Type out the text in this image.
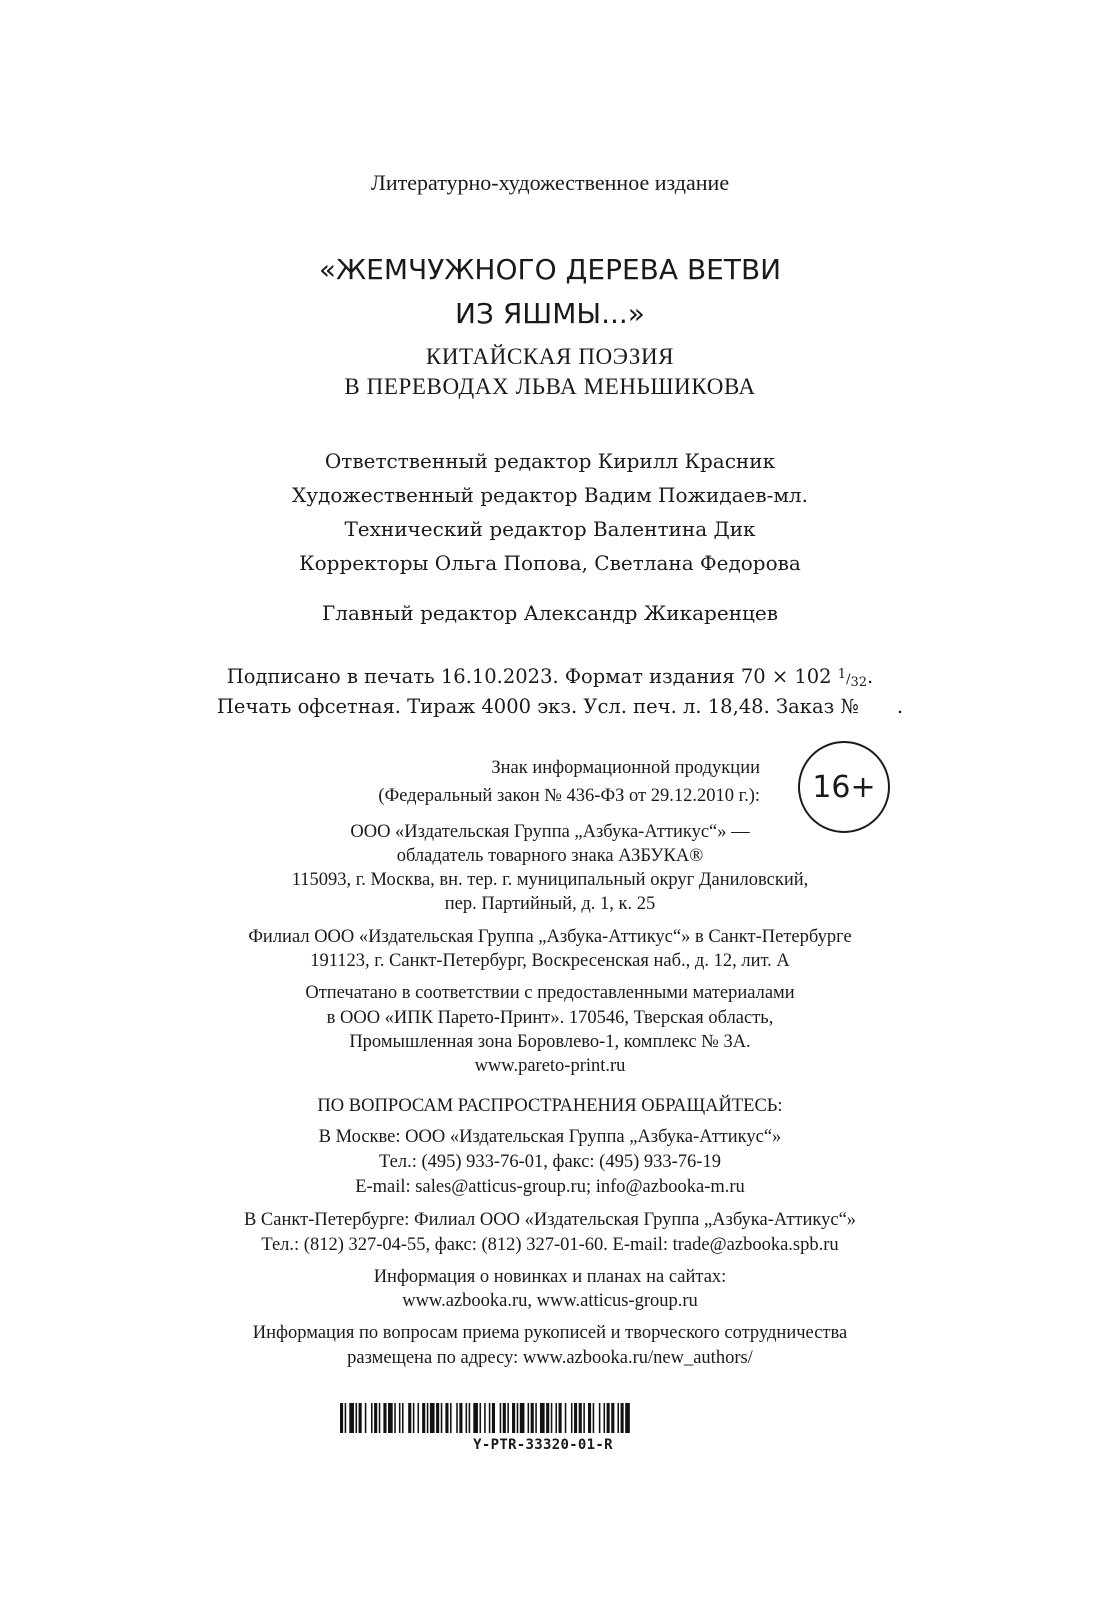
Литературно-художественное издание
«ЖЕМЧУЖНОГО ДЕРЕВА ВЕТВИ
ИЗ ЯШМЫ...»
КИТАЙСКАЯ ПОЭЗИЯ
В ПЕРЕВОДАХ ЛЬВА МЕНЬШИКОВА
Ответственный редактор Кирилл Красник
Художественный редактор Вадим Пожидаев-мл.
Технический редактор Валентина Дик
Корректоры Ольга Попова, Светлана Федорова
Главный редактор Александр Жикаренцев
Подписано в печать 16.10.2023. Формат издания 70 × 102 1/32.
Печать офсетная. Тираж 4000 экз. Усл. печ. л. 18,48. Заказ № .
Знак информационной продукции
(Федеральный закон № 436-ФЗ от 29.12.2010 г.): 16+
ООО «Издательская Группа „Азбука-Аттикус“» —
обладатель товарного знака АЗБУКА®
115093, г. Москва, вн. тер. г. муниципальный округ Даниловский,
пер. Партийный, д. 1, к. 25
Филиал ООО «Издательская Группа „Азбука-Аттикус“» в Санкт-Петербурге
191123, г. Санкт-Петербург, Воскресенская наб., д. 12, лит. А
Отпечатано в соответствии с предоставленными материалами
в ООО «ИПК Парето-Принт». 170546, Тверская область,
Промышленная зона Боровлево-1, комплекс № 3А.
www.pareto-print.ru
ПО ВОПРОСАМ РАСПРОСТРАНЕНИЯ ОБРАЩАЙТЕСЬ:
В Москве: ООО «Издательская Группа „Азбука-Аттикус“»
Тел.: (495) 933-76-01, факс: (495) 933-76-19
E-mail: sales@atticus-group.ru; info@azbooka-m.ru
В Санкт-Петербурге: Филиал ООО «Издательская Группа „Азбука-Аттикус“»
Тел.: (812) 327-04-55, факс: (812) 327-01-60. E-mail: trade@azbooka.spb.ru
Информация о новинках и планах на сайтах:
www.azbooka.ru, www.atticus-group.ru
Информация по вопросам приема рукописей и творческого сотрудничества
размещена по адресу: www.azbooka.ru/new_authors/
Y-PTR-33320-01-R
